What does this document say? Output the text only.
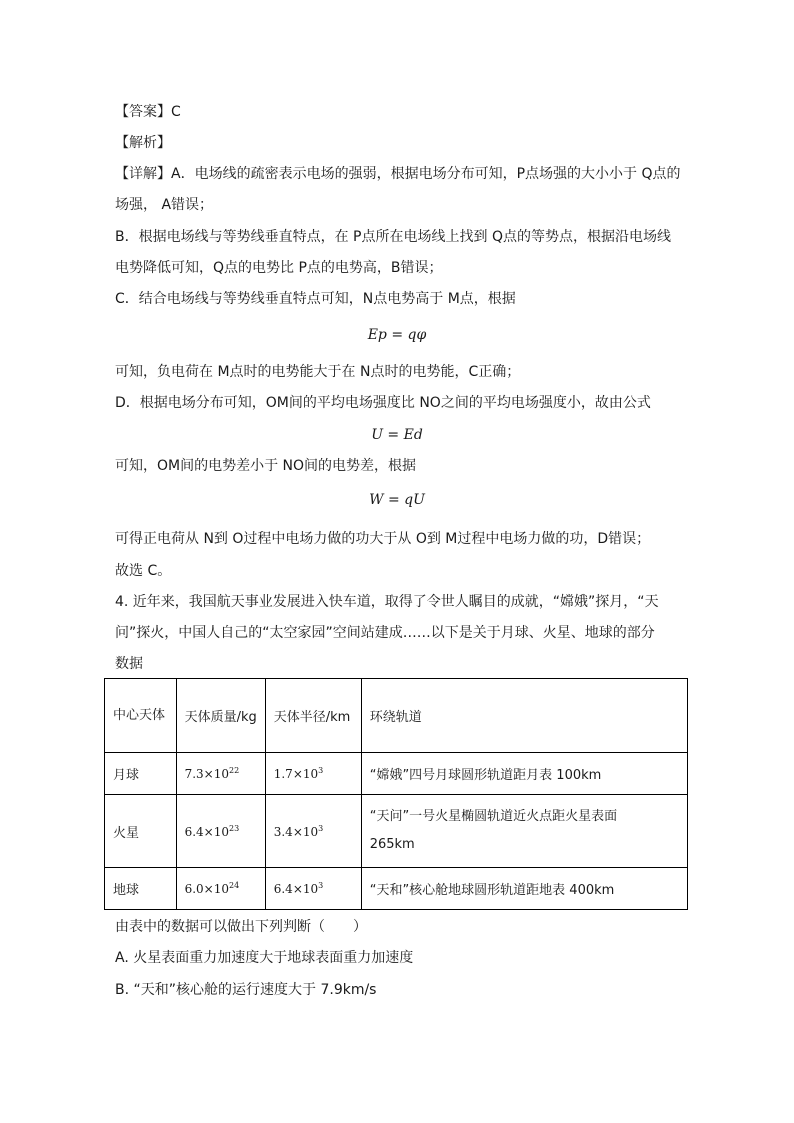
【答案】C
【解析】
【详解】A．电场线的疏密表示电场的强弱，根据电场分布可知，P点场强的大小小于 Q点的
场强， A错误；
B．根据电场线与等势线垂直特点，在 P点所在电场线上找到 Q点的等势点，根据沿电场线
电势降低可知，Q点的电势比 P点的电势高，B错误；
C．结合电场线与等势线垂直特点可知，N点电势高于 M点，根据
Ep = qφ
可知，负电荷在 M点时的电势能大于在 N点时的电势能，C正确；
D．根据电场分布可知，OM间的平均电场强度比 NO之间的平均电场强度小，故由公式
U = Ed
可知，OM间的电势差小于 NO间的电势差，根据
W = qU
可得正电荷从 N到 O过程中电场力做的功大于从 O到 M过程中电场力做的功，D错误；
故选 C。
4. 近年来，我国航天事业发展进入快车道，取得了令世人瞩目的成就，“嫦娥”探月，“天
问”探火，中国人自己的“太空家园”空间站建成……以下是关于月球、火星、地球的部分
数据
中心天体	天体质量/kg	天体半径/km	环绕轨道
月球	$7.3\times 10^{22}$	$1.7\times 10^3$	“嫦娥”四号月球圆形轨道距月表 100km
火星	$6.4\times 10^{23}$	$3.4\times 10^3$	“天问”一号火星椭圆轨道近火点距火星表面
265km

地球	$6.0\times 10^{24}$	$6.4\times 10^3$	“天和”核心舱地球圆形轨道距地表 400km
由表中的数据可以做出下列判断（　　）
A. 火星表面重力加速度大于地球表面重力加速度
B. “天和”核心舱的运行速度大于 7.9km/s
